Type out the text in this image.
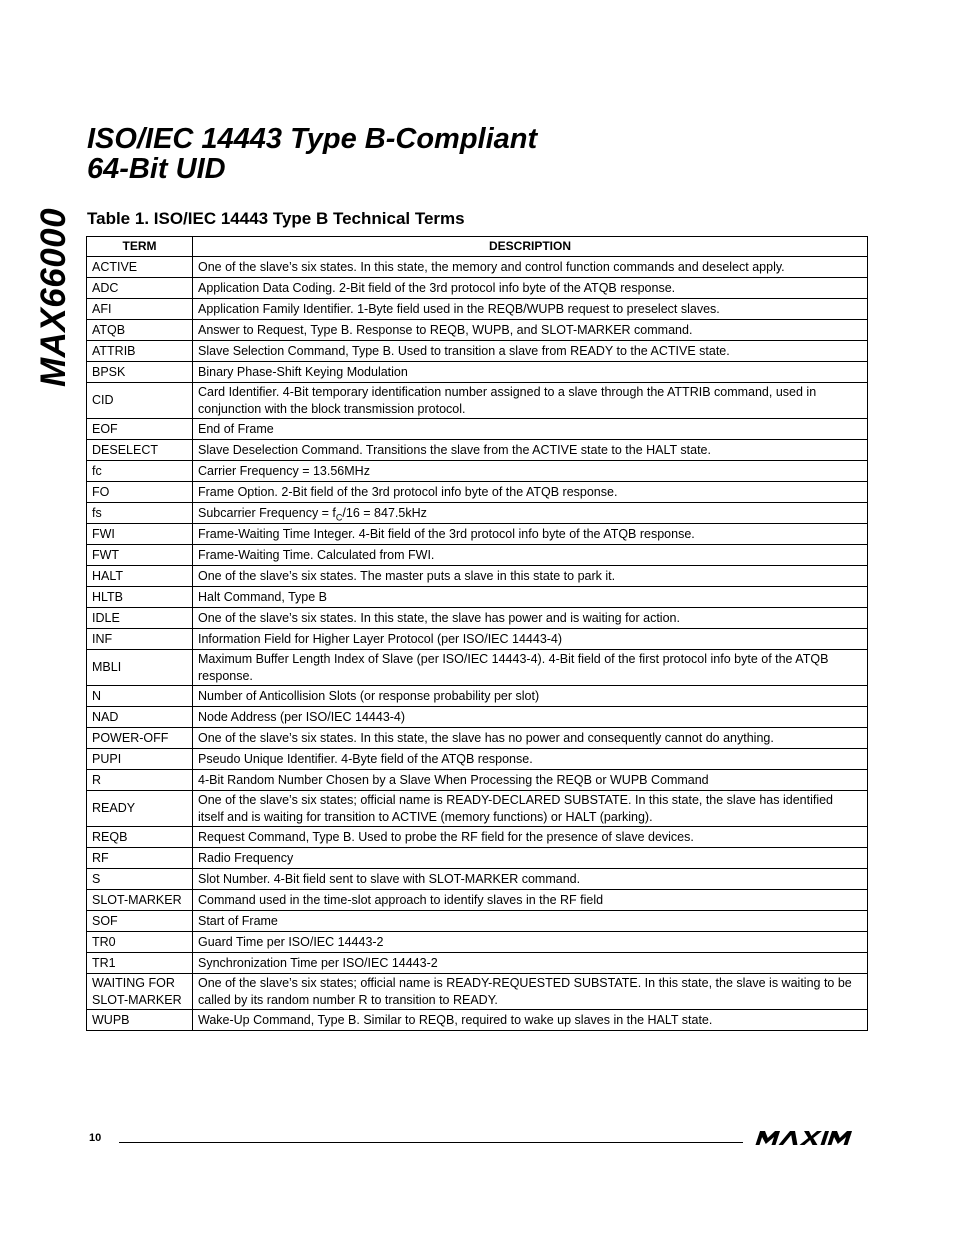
MAX66000
ISO/IEC 14443 Type B-Compliant
64-Bit UID
Table 1. ISO/IEC 14443 Type B Technical Terms
TERM	DESCRIPTION
ACTIVE	One of the slave’s six states. In this state, the memory and control function commands and deselect apply.
ADC	Application Data Coding. 2-Bit field of the 3rd protocol info byte of the ATQB response.
AFI	Application Family Identifier. 1-Byte field used in the REQB/WUPB request to preselect slaves.
ATQB	Answer to Request, Type B. Response to REQB, WUPB, and SLOT-MARKER command.
ATTRIB	Slave Selection Command, Type B. Used to transition a slave from READY to the ACTIVE state.
BPSK	Binary Phase-Shift Keying Modulation
CID	Card Identifier. 4-Bit temporary identification number assigned to a slave through the ATTRIB command, used in conjunction with the block transmission protocol.
EOF	End of Frame
DESELECT	Slave Deselection Command. Transitions the slave from the ACTIVE state to the HALT state.
fc	Carrier Frequency = 13.56MHz
FO	Frame Option. 2-Bit field of the 3rd protocol info byte of the ATQB response.
fs	Subcarrier Frequency = $f_C/16 = 847.5kHz$
FWI	Frame-Waiting Time Integer. 4-Bit field of the 3rd protocol info byte of the ATQB response.
FWT	Frame-Waiting Time. Calculated from FWI.
HALT	One of the slave’s six states. The master puts a slave in this state to park it.
HLTB	Halt Command, Type B
IDLE	One of the slave’s six states. In this state, the slave has power and is waiting for action.
INF	Information Field for Higher Layer Protocol (per ISO/IEC 14443-4)
MBLI	Maximum Buffer Length Index of Slave (per ISO/IEC 14443-4). 4-Bit field of the first protocol info byte of the ATQB response.
N	Number of Anticollision Slots (or response probability per slot)
NAD	Node Address (per ISO/IEC 14443-4)
POWER-OFF	One of the slave’s six states. In this state, the slave has no power and consequently cannot do anything.
PUPI	Pseudo Unique Identifier. 4-Byte field of the ATQB response.
R	4-Bit Random Number Chosen by a Slave When Processing the REQB or WUPB Command
READY	One of the slave’s six states; official name is READY-DECLARED SUBSTATE. In this state, the slave has identified itself and is waiting for transition to ACTIVE (memory functions) or HALT (parking).
REQB	Request Command, Type B. Used to probe the RF field for the presence of slave devices.
RF	Radio Frequency
S	Slot Number. 4-Bit field sent to slave with SLOT-MARKER command.
SLOT-MARKER	Command used in the time-slot approach to identify slaves in the RF field
SOF	Start of Frame
TR0	Guard Time per ISO/IEC 14443-2
TR1	Synchronization Time per ISO/IEC 14443-2
WAITING FOR SLOT-MARKER	One of the slave’s six states; official name is READY-REQUESTED SUBSTATE. In this state, the slave is waiting to be called by its random number R to transition to READY.
WUPB	Wake-Up Command, Type B. Similar to REQB, required to wake up slaves in the HALT state.
10
